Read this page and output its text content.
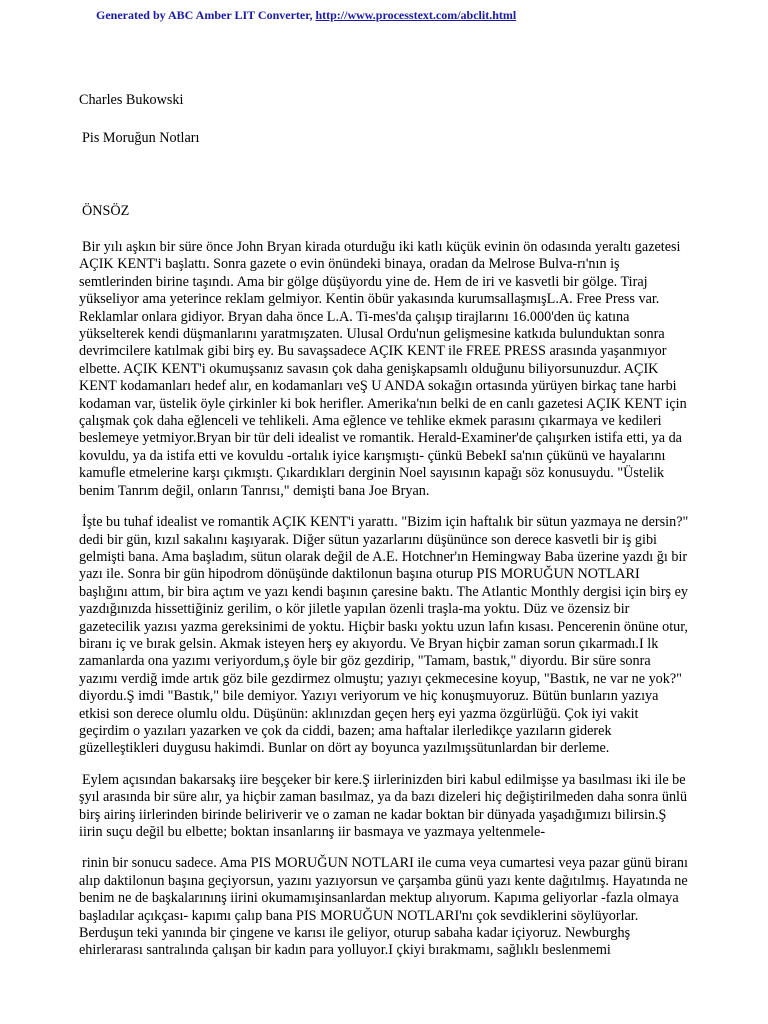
Generated by ABC Amber LIT Converter, http://www.processtext.com/abclit.html
Charles Bukowski
Pis Moruğun Notları
ÖNSÖZ

Bir yılı aşkın bir süre önce John Bryan kirada oturduğu iki katlı küçük evinin ön odasında yeraltı gazetesi AÇIK KENT'i başlattı. Sonra gazete o evin önündeki binaya, oradan da Melrose Bulva-rı'nın iş semtlerinden birine taşındı. Ama bir gölge düşüyordu yine de. Hem de iri ve kasvetli bir gölge. Tiraj yükseliyor ama yeterince reklam gelmiyor. Kentin öbür yakasında kurumsallaşmışL.A. Free Press var. Reklamlar onlara gidiyor. Bryan daha önce L.A. Ti-mes'da çalışıp tirajlarını 16.000'den üç katına yükselterek kendi düşmanlarını yaratmışzaten. Ulusal Ordu'nun gelişmesine katkıda bulunduktan sonra devrimcilere katılmak gibi birş ey. Bu savaşsadece AÇIK KENT ile FREE PRESS arasında yaşanmıyor elbette. AÇIK KENT'i okumuşsanız savasın çok daha genişkapsamlı olduğunu biliyorsunuzdur. AÇIK KENT kodamanları hedef alır, en kodamanları veŞ U ANDA sokağın ortasında yürüyen birkaç tane harbi kodaman var, üstelik öyle çirkinler ki bok herifler. Amerika'nın belki de en canlı gazetesi AÇIK KENT için çalışmak çok daha eğlenceli ve tehlikeli. Ama eğlence ve tehlike ekmek parasını çıkarmaya ve kedileri beslemeye yetmiyor.Bryan bir tür deli idealist ve romantik. Herald-Examiner'de çalışırken istifa etti, ya da kovuldu, ya da istifa etti ve kovuldu -ortalık iyice karışmıştı- çünkü BebekI sa'nın çükünü ve hayalarını kamufle etmelerine karşı çıkmıştı. Çıkardıkları derginin Noel sayısının kapağı söz konusuydu. "Üstelik benim Tanrım değil, onların Tanrısı," demişti bana Joe Bryan.

İşte bu tuhaf idealist ve romantik AÇIK KENT'i yarattı. "Bizim için haftalık bir sütun yazmaya ne dersin?" dedi bir gün, kızıl sakalını kaşıyarak. Diğer sütun yazarlarını düşününce son derece kasvetli bir iş gibi gelmişti bana. Ama başladım, sütun olarak değil de A.E. Hotchner'ın Hemingway Baba üzerine yazdı ğı bir yazı ile. Sonra bir gün hipodrom dönüşünde daktilonun başına oturup PIS MORUĞUN NOTLARI başlığını attım, bir bira açtım ve yazı kendi başının çaresine baktı. The Atlantic Monthly dergisi için birş ey yazdığınızda hissettiğiniz gerilim, o kör jiletle yapılan özenli traşla-ma yoktu. Düz ve özensiz bir gazetecilik yazısı yazma gereksinimi de yoktu. Hiçbir baskı yoktu uzun lafın kısası. Pencerenin önüne otur, biranı iç ve bırak gelsin. Akmak isteyen herş ey akıyordu. Ve Bryan hiçbir zaman sorun çıkarmadı.I lk zamanlarda ona yazımı veriyordum,ş öyle bir göz gezdirip, "Tamam, bastık," diyordu. Bir süre sonra yazımı verdiğ imde artık göz bile gezdirmez olmuştu; yazıyı çekmecesine koyup, "Bastık, ne var ne yok?" diyordu.Ş imdi "Bastık," bile demiyor. Yazıyı veriyorum ve hiç konuşmuyoruz. Bütün bunların yazıya etkisi son derece olumlu oldu. Düşünün: aklınızdan geçen herş eyi yazma özgürlüğü. Çok iyi vakit geçirdim o yazıları yazarken ve çok da ciddi, bazen; ama haftalar ilerledikçe yazıların giderek güzelleştikleri duygusu hakimdi. Bunlar on dört ay boyunca yazılmışsütunlardan bir derleme.

Eylem açısından bakarsakş iire beşçeker bir kere.Ş iirlerinizden biri kabul edilmişse ya basılması iki ile be şyıl arasında bir süre alır, ya hiçbir zaman basılmaz, ya da bazı dizeleri hiç değiştirilmeden daha sonra ünlü birş airinş iirlerinden birinde beliriverir ve o zaman ne kadar boktan bir dünyada yaşadığımızı bilirsin.Ş iirin suçu değil bu elbette; boktan insanlarınş iir basmaya ve yazmaya yeltenmele-

rinin bir sonucu sadece. Ama PIS MORUĞUN NOTLARI ile cuma veya cumartesi veya pazar günü biranı alıp daktilonun başına geçiyorsun, yazını yazıyorsun ve çarşamba günü yazı kente dağıtılmış. Hayatında ne benim ne de başkalarınınş iirini okumamışinsanlardan mektup alıyorum. Kapıma geliyorlar -fazla olmaya başladılar açıkçası- kapımı çalıp bana PIS MORUĞUN NOTLARI'nı çok sevdiklerini söylüyorlar. Berduşun teki yanında bir çingene ve karısı ile geliyor, oturup sabaha kadar içiyoruz. Newburghş ehirlerarası santralında çalışan bir kadın para yolluyor.I çkiyi bırakmamı, sağlıklı beslenmemi
